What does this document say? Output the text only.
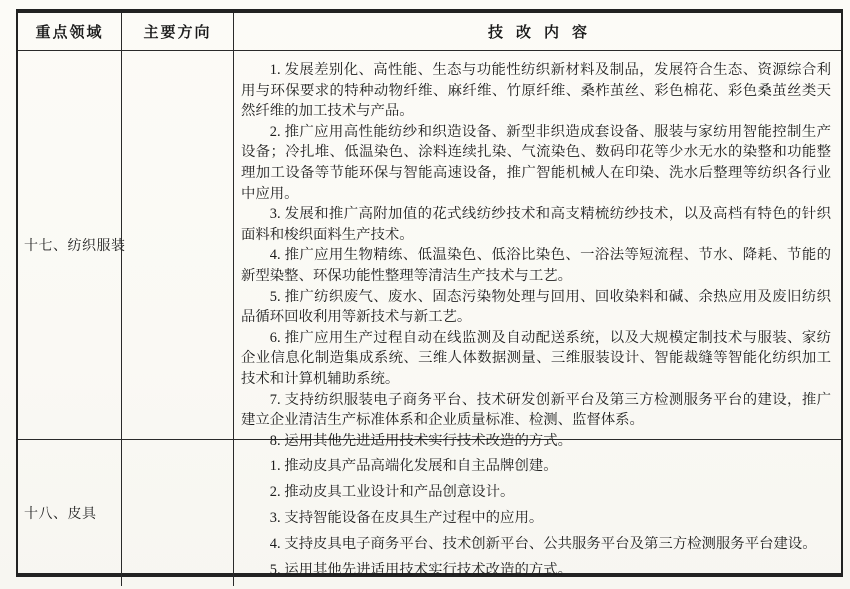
重点领域	主要方向	技改内容
十七、纺织服装

1. 发展差别化、高性能、生态与功能性纺织新材料及制品，发展符合生态、资源综合利用与环保要求的特种动物纤维、麻纤维、竹原纤维、桑柞茧丝、彩色棉花、彩色桑茧丝类天然纤维的加工技术与产品。

2. 推广应用高性能纺纱和织造设备、新型非织造成套设备、服装与家纺用智能控制生产设备；冷扎堆、低温染色、涂料连续扎染、气流染色、数码印花等少水无水的染整和功能整理加工设备等节能环保与智能高速设备，推广智能机械人在印染、洗水后整理等纺织各行业中应用。

3. 发展和推广高附加值的花式线纺纱技术和高支精梳纺纱技术，以及高档有特色的针织面料和梭织面料生产技术。

4. 推广应用生物精练、低温染色、低浴比染色、一浴法等短流程、节水、降耗、节能的新型染整、环保功能性整理等清洁生产技术与工艺。

5. 推广纺织废气、废水、固态污染物处理与回用、回收染料和碱、余热应用及废旧纺织品循环回收利用等新技术与新工艺。

6. 推广应用生产过程自动在线监测及自动配送系统，以及大规模定制技术与服装、家纺企业信息化制造集成系统、三维人体数据测量、三维服装设计、智能裁缝等智能化纺织加工技术和计算机辅助系统。

7. 支持纺织服装电子商务平台、技术研发创新平台及第三方检测服务平台的建设，推广建立企业清洁生产标准体系和企业质量标准、检测、监督体系。

8. 运用其他先进适用技术实行技术改造的方式。

十八、皮具

1. 推动皮具产品高端化发展和自主品牌创建。

2. 推动皮具工业设计和产品创意设计。

3. 支持智能设备在皮具生产过程中的应用。

4. 支持皮具电子商务平台、技术创新平台、公共服务平台及第三方检测服务平台建设。

5. 运用其他先进适用技术实行技术改造的方式。
